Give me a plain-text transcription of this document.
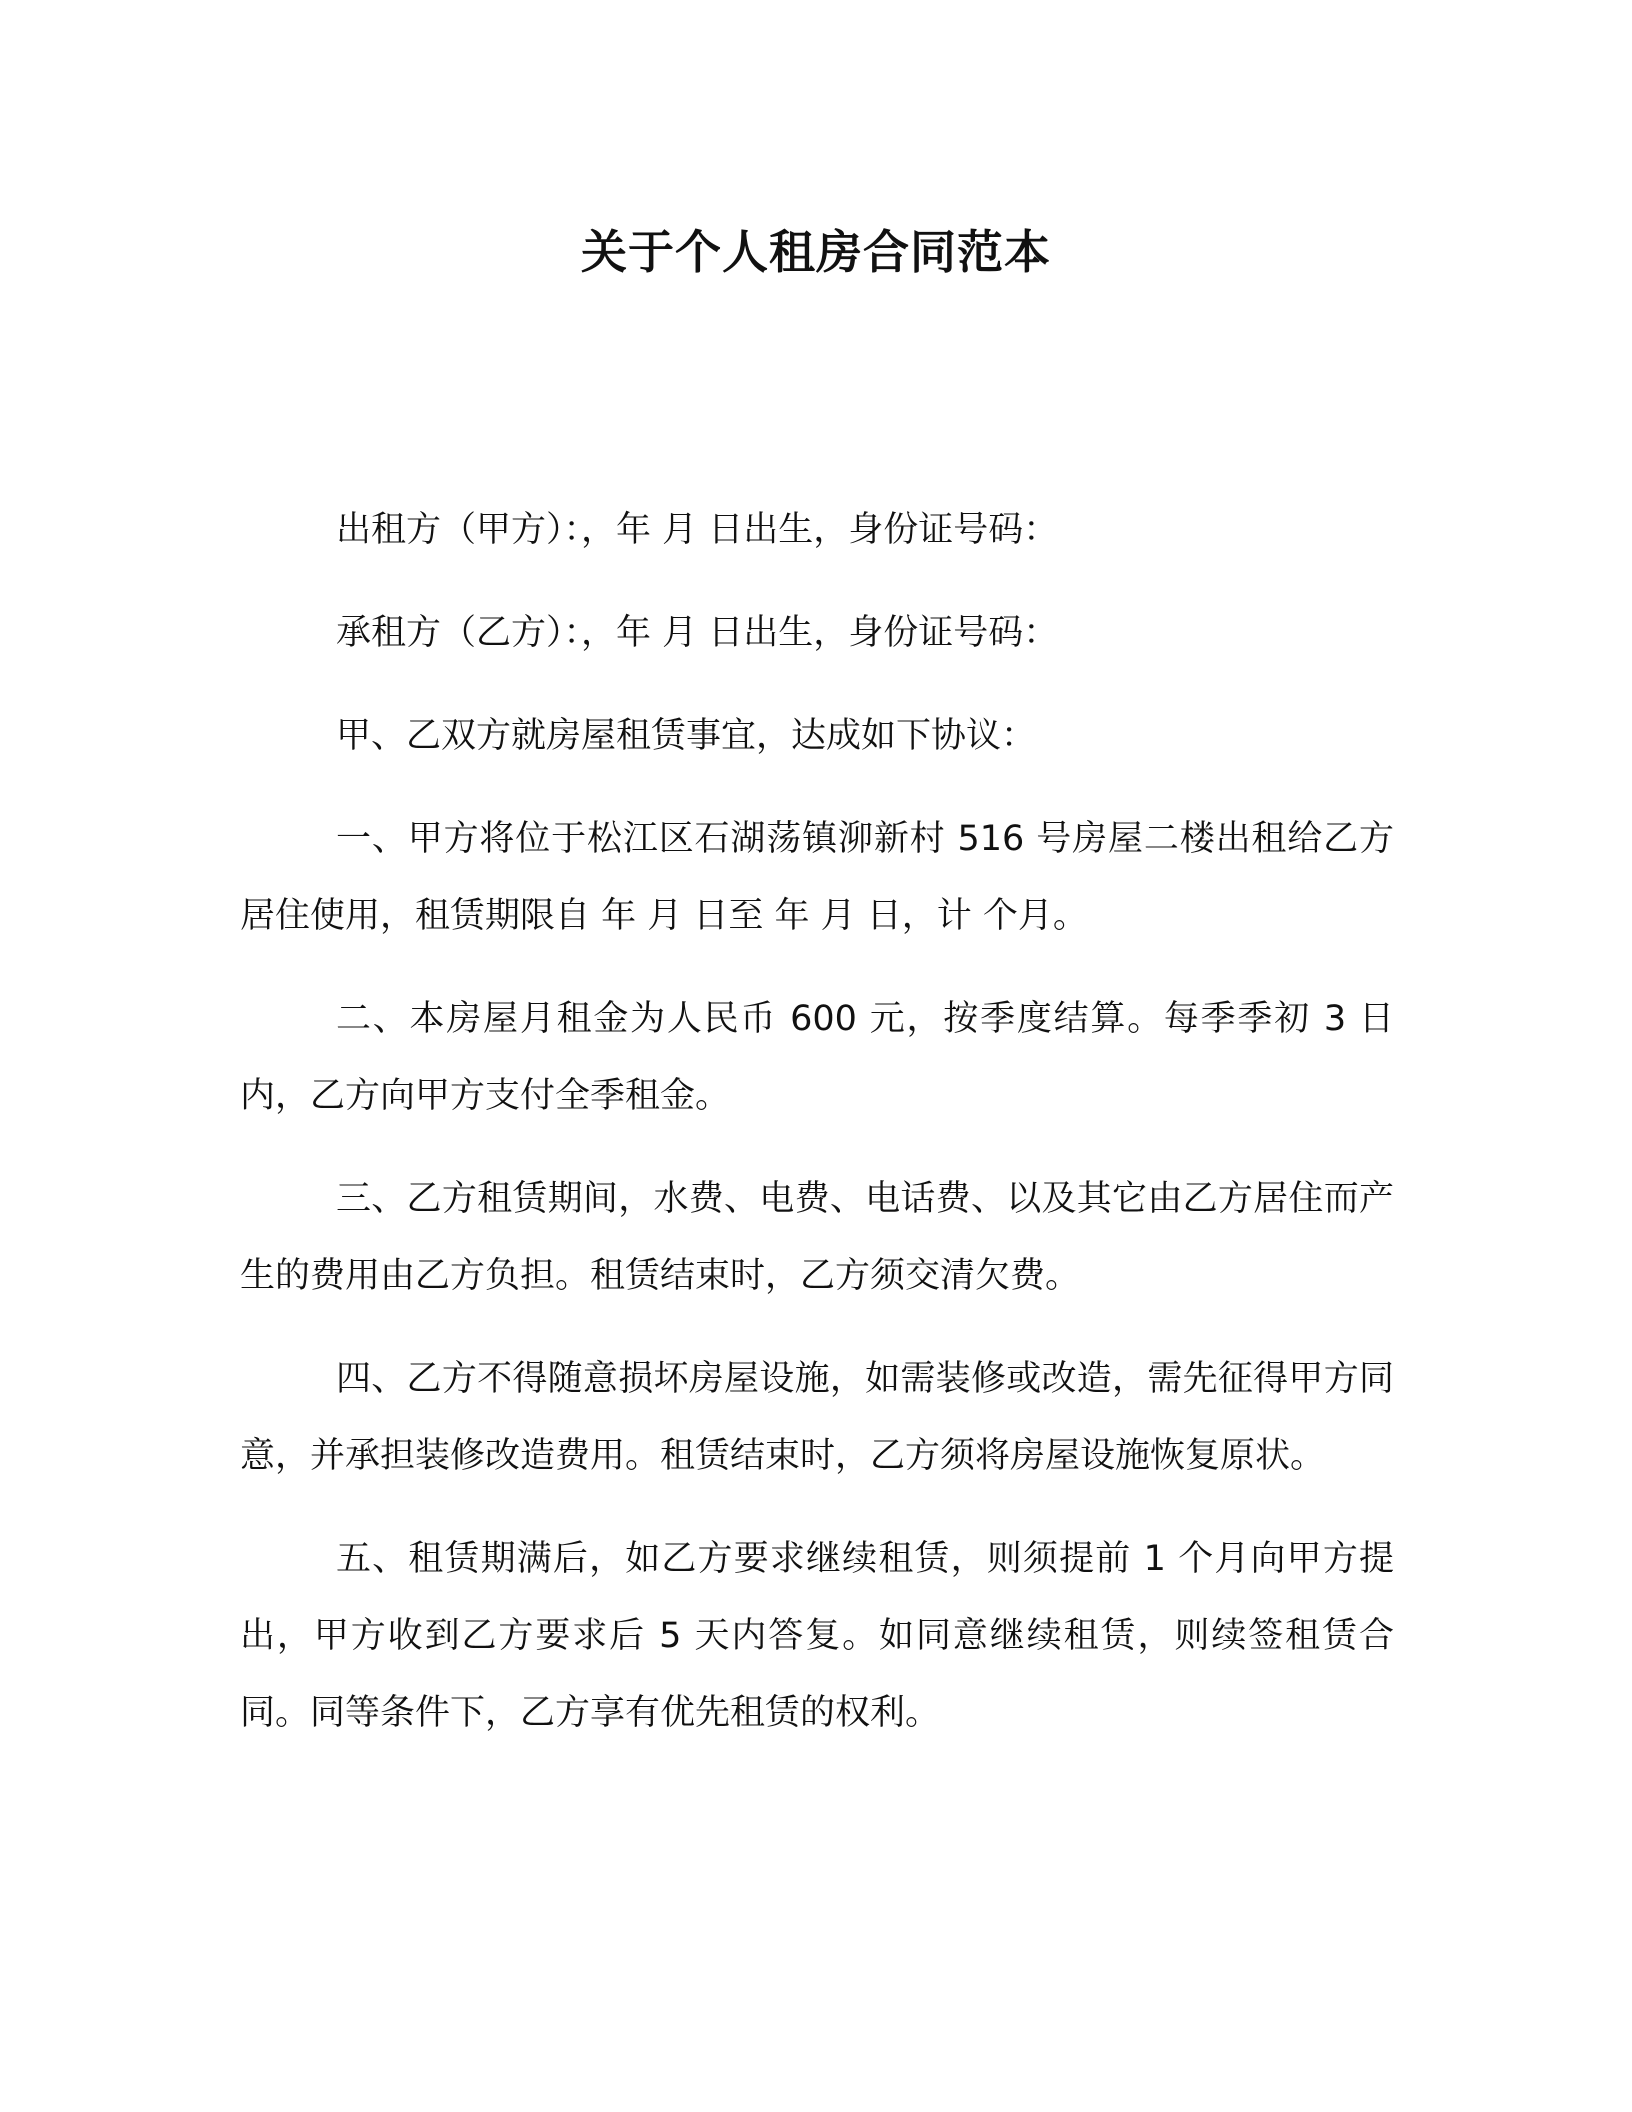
关于个人租房合同范本

出租方（甲方）：，年 月 日出生，身份证号码：

承租方（乙方）：，年 月 日出生，身份证号码：

甲、乙双方就房屋租赁事宜，达成如下协议：

一、甲方将位于松江区石湖荡镇泖新村 516 号房屋二楼出租给乙方居住使用，租赁期限自 年 月 日至 年 月 日，计 个月。

二、本房屋月租金为人民币 600 元，按季度结算。每季季初 3 日内，乙方向甲方支付全季租金。

三、乙方租赁期间，水费、电费、电话费、以及其它由乙方居住而产生的费用由乙方负担。租赁结束时，乙方须交清欠费。

四、乙方不得随意损坏房屋设施，如需装修或改造，需先征得甲方同意，并承担装修改造费用。租赁结束时，乙方须将房屋设施恢复原状。

五、租赁期满后，如乙方要求继续租赁，则须提前 1 个月向甲方提出，甲方收到乙方要求后 5 天内答复。如同意继续租赁，则续签租赁合同。同等条件下，乙方享有优先租赁的权利。
